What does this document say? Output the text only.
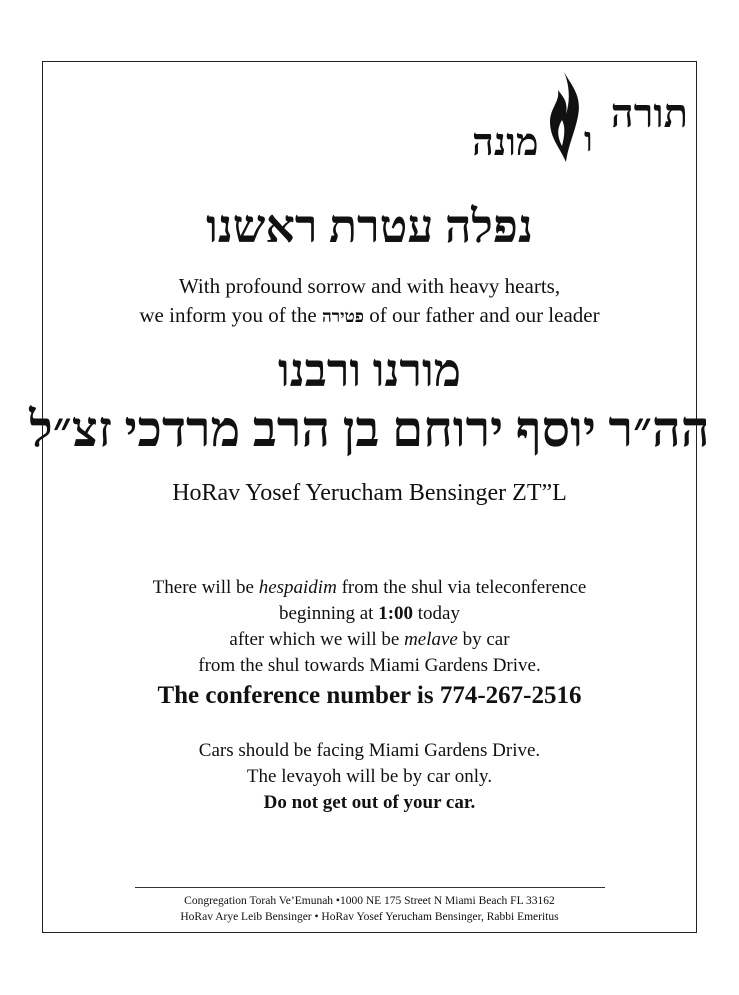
תורה
ו
מונה
נפלה עטרת ראשנו
With profound sorrow and with heavy hearts,
we inform you of the פטירה of our father and our leader
מורנו ורבנו
הה״ר יוסף ירוחם בן הרב מרדכי זצ״ל
HoRav Yosef Yerucham Bensinger ZT”L
There will be hespaidim from the shul via teleconference
beginning at 1:00 today
after which we will be melave by car
from the shul towards Miami Gardens Drive.
The conference number is 774-267-2516
Cars should be facing Miami Gardens Drive.
The levayoh will be by car only.
Do not get out of your car.
Congregation Torah Ve’Emunah •1000 NE 175 Street N Miami Beach FL 33162
HoRav Arye Leib Bensinger • HoRav Yosef Yerucham Bensinger, Rabbi Emeritus
